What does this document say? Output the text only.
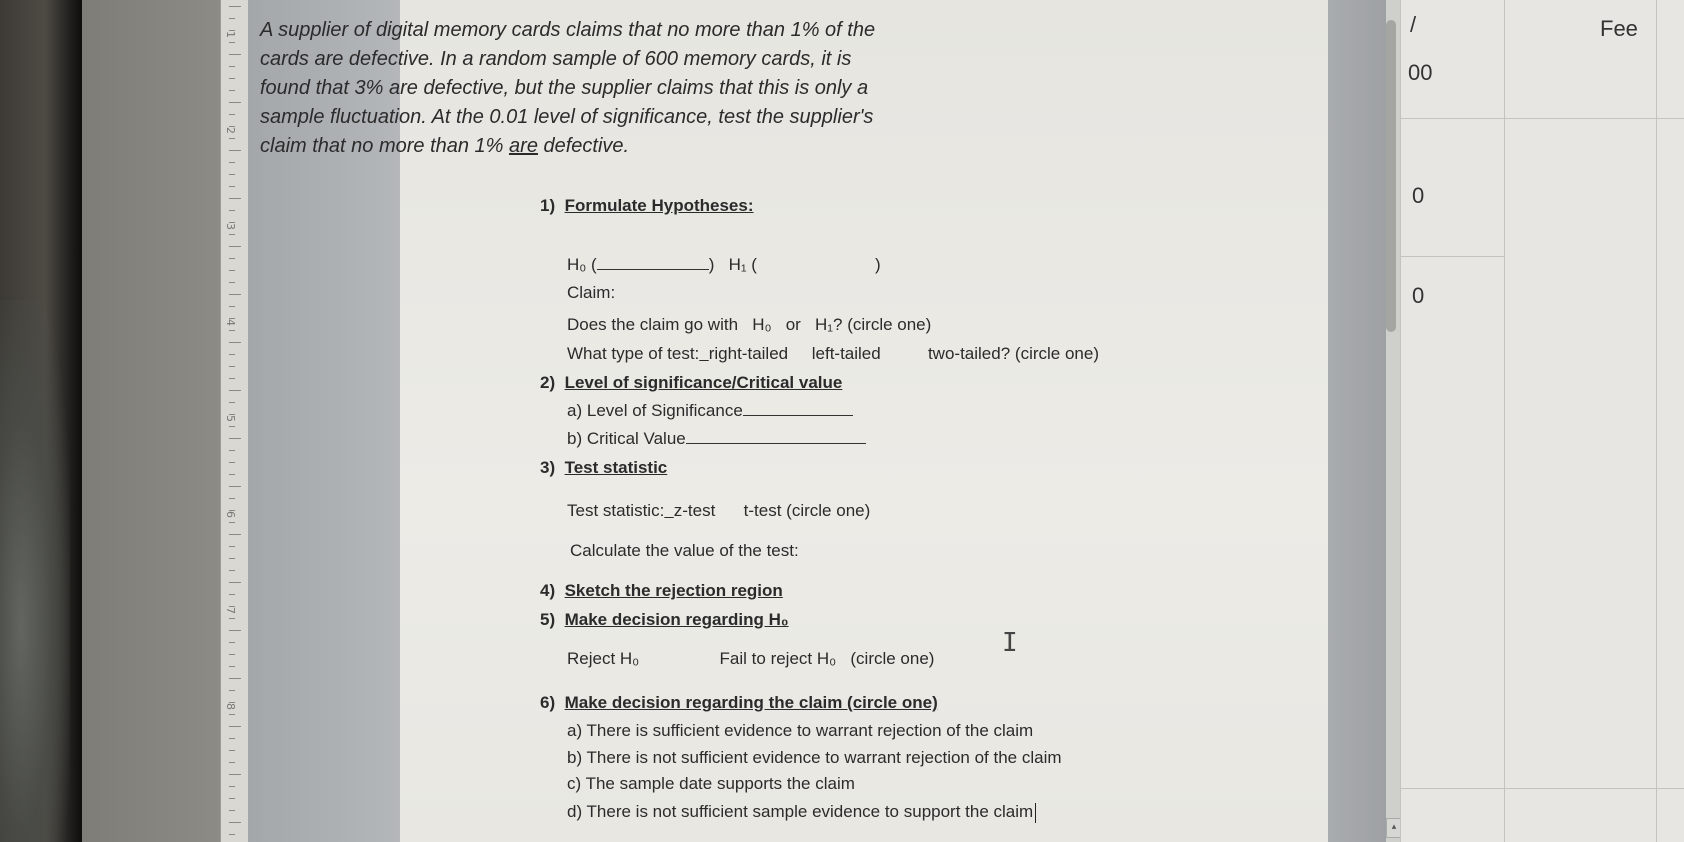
1
2
3
4
5
6
7
8
▴
/
00
0
0
Fee
A supplier of digital memory cards claims that no more than 1% of the
cards are defective. In a random sample of 600 memory cards, it is
found that 3% are defective, but the supplier claims that this is only a
sample fluctuation. At the 0.01 level of significance, test the supplier's
claim that no more than 1% are defective.
1) Formulate Hypotheses:
H₀ (	) H₁ (	)
Claim:
Does the claim go with H₀ or H₁? (circle one)
What type of test: right-tailed left-tailed	two-tailed? (circle one)
2) Level of significance/Critical value
a) Level of Significance
b) Critical Value
3) Test statistic
Test statistic: z-test t-test (circle one)
Calculate the value of the test:
4) Sketch the rejection region
5) Make decision regarding H₀
Reject H₀	Fail to reject H₀ (circle one)
I
6) Make decision regarding the claim (circle one)
a) There is sufficient evidence to warrant rejection of the claim
b) There is not sufficient evidence to warrant rejection of the claim
c) The sample date supports the claim
d) There is not sufficient sample evidence to support the claim
